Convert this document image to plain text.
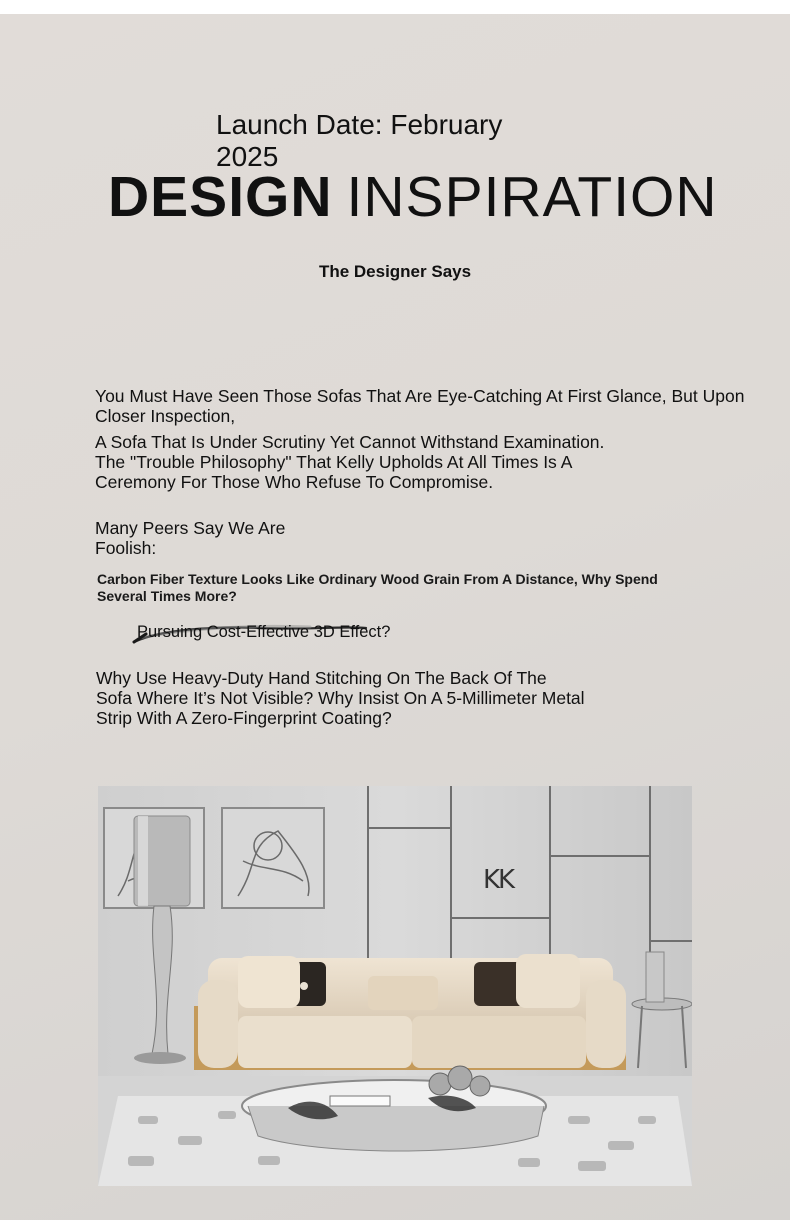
Launch Date: February 2025
DESIGN INSPIRATION
The Designer Says
You Must Have Seen Those Sofas That Are Eye-Catching At First Glance, But Upon Closer Inspection,
A Sofa That Is Under Scrutiny Yet Cannot Withstand Examination. The "Trouble Philosophy" That Kelly Upholds At All Times Is A Ceremony For Those Who Refuse To Compromise.
Many Peers Say We Are Foolish:
Carbon Fiber Texture Looks Like Ordinary Wood Grain From A Distance, Why Spend Several Times More?
Pursuing Cost-Effective 3D Effect?
Why Use Heavy-Duty Hand Stitching On The Back Of The Sofa Where It’s Not Visible? Why Insist On A 5-Millimeter Metal Strip With A Zero-Fingerprint Coating?
KK
